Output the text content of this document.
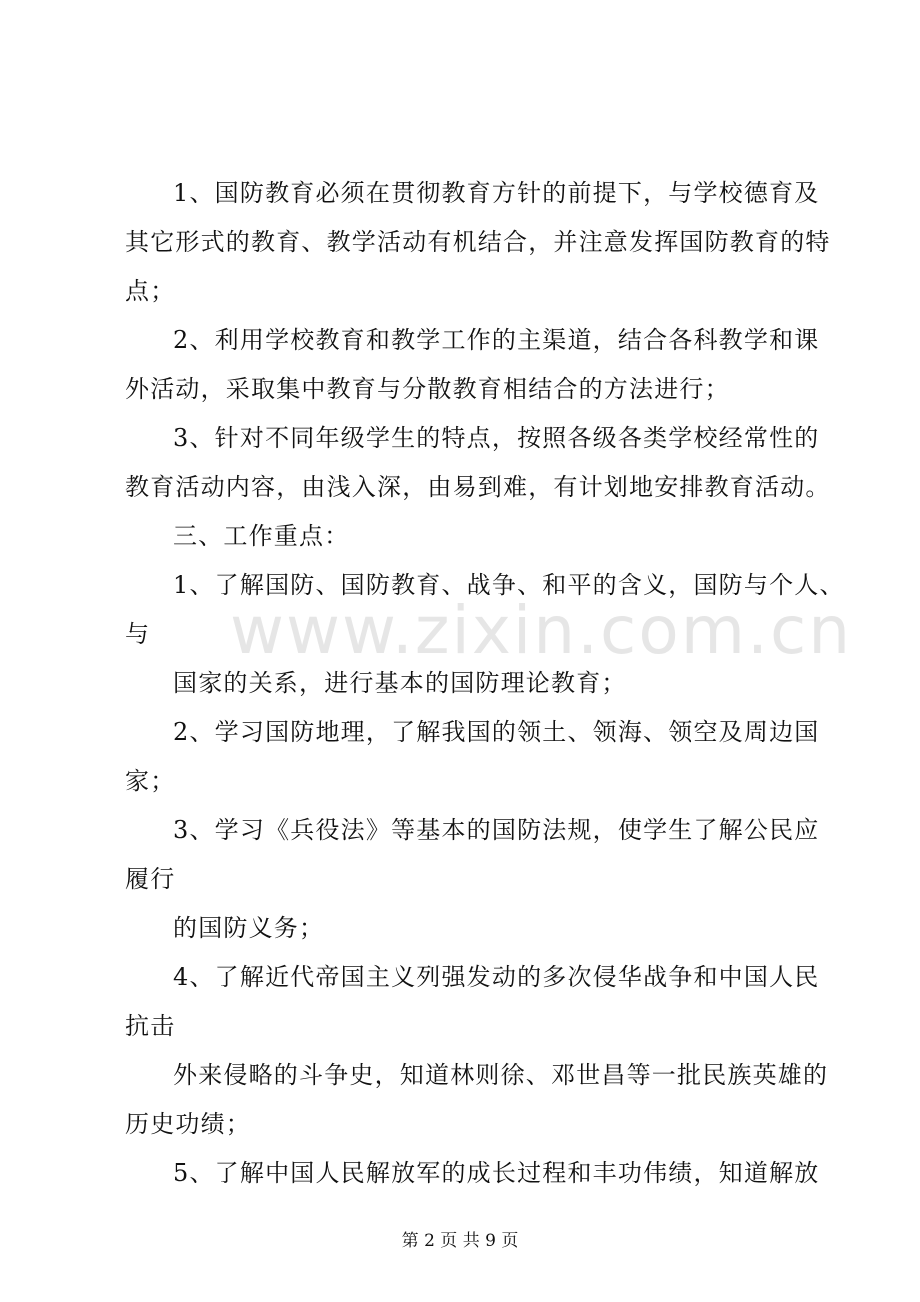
www.zixin.com.cn
1、国防教育必须在贯彻教育方针的前提下，与学校德育及
其它形式的教育、教学活动有机结合，并注意发挥国防教育的特
点；
2、利用学校教育和教学工作的主渠道，结合各科教学和课
外活动，采取集中教育与分散教育相结合的方法进行；
3、针对不同年级学生的特点，按照各级各类学校经常性的
教育活动内容，由浅入深，由易到难，有计划地安排教育活动。
三、工作重点：
1、了解国防、国防教育、战争、和平的含义，国防与个人、
与
国家的关系，进行基本的国防理论教育；
2、学习国防地理，了解我国的领土、领海、领空及周边国
家；
3、学习《兵役法》等基本的国防法规，使学生了解公民应
履行
的国防义务；
4、了解近代帝国主义列强发动的多次侵华战争和中国人民
抗击
外来侵略的斗争史，知道林则徐、邓世昌等一批民族英雄的
历史功绩；
5、了解中国人民解放军的成长过程和丰功伟绩，知道解放
第 2 页 共 9 页
